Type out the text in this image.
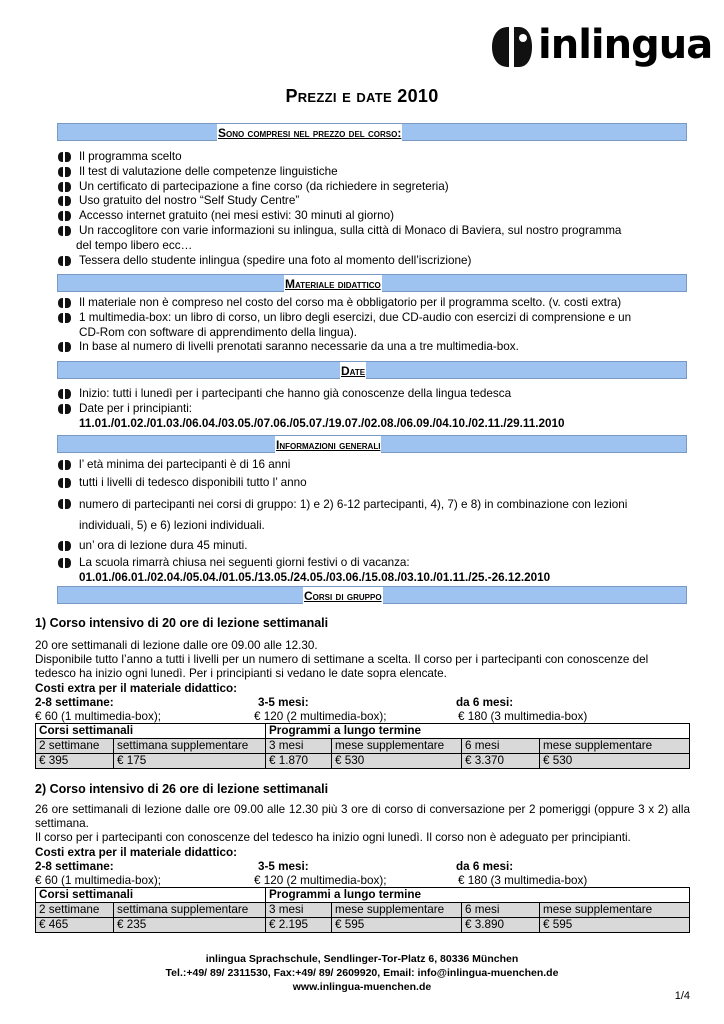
inlingua
Prezzi e date 2010
Sono compresi nel prezzo del corso:
Il programma scelto
Il test di valutazione delle competenze linguistiche
Un certificato di partecipazione a fine corso (da richiedere in segreteria)
Uso gratuito del nostro “Self Study Centre”
Accesso internet gratuito (nei mesi estivi: 30 minuti al giorno)
Un raccoglitore con varie informazioni su inlingua, sulla città di Monaco di Baviera, sul nostro programma
del tempo libero ecc…
Tessera dello studente inlingua (spedire una foto al momento dell’iscrizione)
Materiale didattico
Il materiale non è compreso nel costo del corso ma è obbligatorio per il programma scelto. (v. costi extra)
1 multimedia-box: un libro di corso, un libro degli esercizi, due CD-audio con esercizi di comprensione e un
CD-Rom con software di apprendimento della lingua).
In base al numero di livelli prenotati saranno necessarie da una a tre multimedia-box.
Date
Inizio: tutti i lunedì per i partecipanti che hanno già conoscenze della lingua tedesca
Date per i principianti:
11.01./01.02./01.03./06.04./03.05./07.06./05.07./19.07./02.08./06.09./04.10./02.11./29.11.2010
Informazioni generali
l’ età minima dei partecipanti è di 16 anni
tutti i livelli di tedesco disponibili tutto l’ anno
numero di partecipanti nei corsi di gruppo: 1) e 2) 6-12 partecipanti, 4), 7) e 8) in combinazione con lezioni
individuali, 5) e 6) lezioni individuali.
un’ ora di lezione dura 45 minuti.
La scuola rimarrà chiusa nei seguenti giorni festivi o di vacanza:
01.01./06.01./02.04./05.04./01.05./13.05./24.05./03.06./15.08./03.10./01.11./25.-26.12.2010
Corsi di gruppo
1) Corso intensivo di 20 ore di lezione settimanali
20 ore settimanali di lezione dalle ore 09.00 alle 12.30.
Disponibile tutto l’anno a tutti i livelli per un numero di settimane a scelta. Il corso per i partecipanti con conoscenze del tedesco ha inizio ogni lunedì. Per i principianti si vedano le date sopra elencate.
Costi extra per il materiale didattico:
2-8 settimane:	3-5 mesi:	da 6 mesi:
€ 60 (1 multimedia-box);	€ 120 (2 multimedia-box);	€ 180 (3 multimedia-box)
Corsi settimanali		Programmi a lungo termine			
2 settimane	settimana supplementare	3 mesi	mese supplementare	6 mesi	mese supplementare
€ 395	€ 175	€ 1.870	€ 530	€ 3.370	€ 530
2) Corso intensivo di 26 ore di lezione settimanali
26 ore settimanali di lezione dalle ore 09.00 alle 12.30 più 3 ore di corso di conversazione per 2 pomeriggi (oppure 3 x 2) alla settimana.
Il corso per i partecipanti con conoscenze del tedesco ha inizio ogni lunedì. Il corso non è adeguato per principianti.
Costi extra per il materiale didattico:
2-8 settimane:	3-5 mesi:	da 6 mesi:
€ 60 (1 multimedia-box);	€ 120 (2 multimedia-box);	€ 180 (3 multimedia-box)
Corsi settimanali		Programmi a lungo termine			
2 settimane	settimana supplementare	3 mesi	mese supplementare	6 mesi	mese supplementare
€ 465	€ 235	€ 2.195	€ 595	€ 3.890	€ 595
inlingua Sprachschule, Sendlinger-Tor-Platz 6, 80336 München
Tel.:+49/ 89/ 2311530, Fax:+49/ 89/ 2609920, Email: info@inlingua-muenchen.de
www.inlingua-muenchen.de
1/4
